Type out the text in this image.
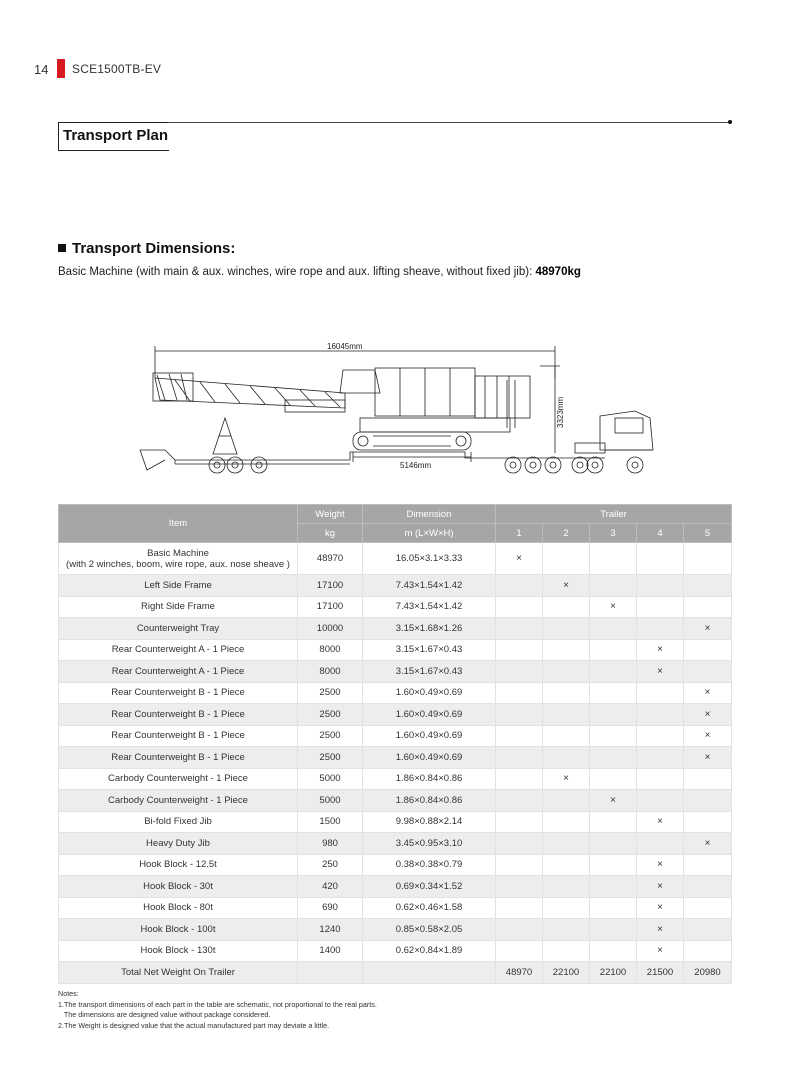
14 SCE1500TB-EV
Transport Plan
Transport Dimensions:
Basic Machine (with main & aux. winches, wire rope and aux. lifting sheave, without fixed jib): 48970kg
16045mm
3323mm
5146mm
Item	Weight	Dimension	Trailer				
	kg	m (L×W×H)	1	2	3	4	5
Basic Machine
(with 2 winches, boom, wire rope, aux. nose sheave )	48970	16.05×3.1×3.33	×				
Left Side Frame	17100	7.43×1.54×1.42		×			
Right Side Frame	17100	7.43×1.54×1.42			×		
Counterweight Tray	10000	3.15×1.68×1.26					×
Rear Counterweight A - 1 Piece	8000	3.15×1.67×0.43				×	
Rear Counterweight A - 1 Piece	8000	3.15×1.67×0.43				×	
Rear Counterweight B - 1 Piece	2500	1.60×0.49×0.69					×
Rear Counterweight B - 1 Piece	2500	1.60×0.49×0.69					×
Rear Counterweight B - 1 Piece	2500	1.60×0.49×0.69					×
Rear Counterweight B - 1 Piece	2500	1.60×0.49×0.69					×
Carbody Counterweight - 1 Piece	5000	1.86×0.84×0.86		×			
Carbody Counterweight - 1 Piece	5000	1.86×0.84×0.86			×		
Bi-fold Fixed Jib	1500	9.98×0.88×2.14				×	
Heavy Duty Jib	980	3.45×0.95×3.10					×
Hook Block - 12.5t	250	0.38×0.38×0.79				×	
Hook Block - 30t	420	0.69×0.34×1.52				×	
Hook Block - 80t	690	0.62×0.46×1.58				×	
Hook Block - 100t	1240	0.85×0.58×2.05				×	
Hook Block - 130t	1400	0.62×0.84×1.89				×	
Total Net Weight On Trailer			48970	22100	22100	21500	20980
Notes:
1.The transport dimensions of each part in the table are schematic, not proportional to the real parts.
The dimensions are designed value without package considered.
2.The Weight is designed value that the actual manufactured part may deviate a little.
